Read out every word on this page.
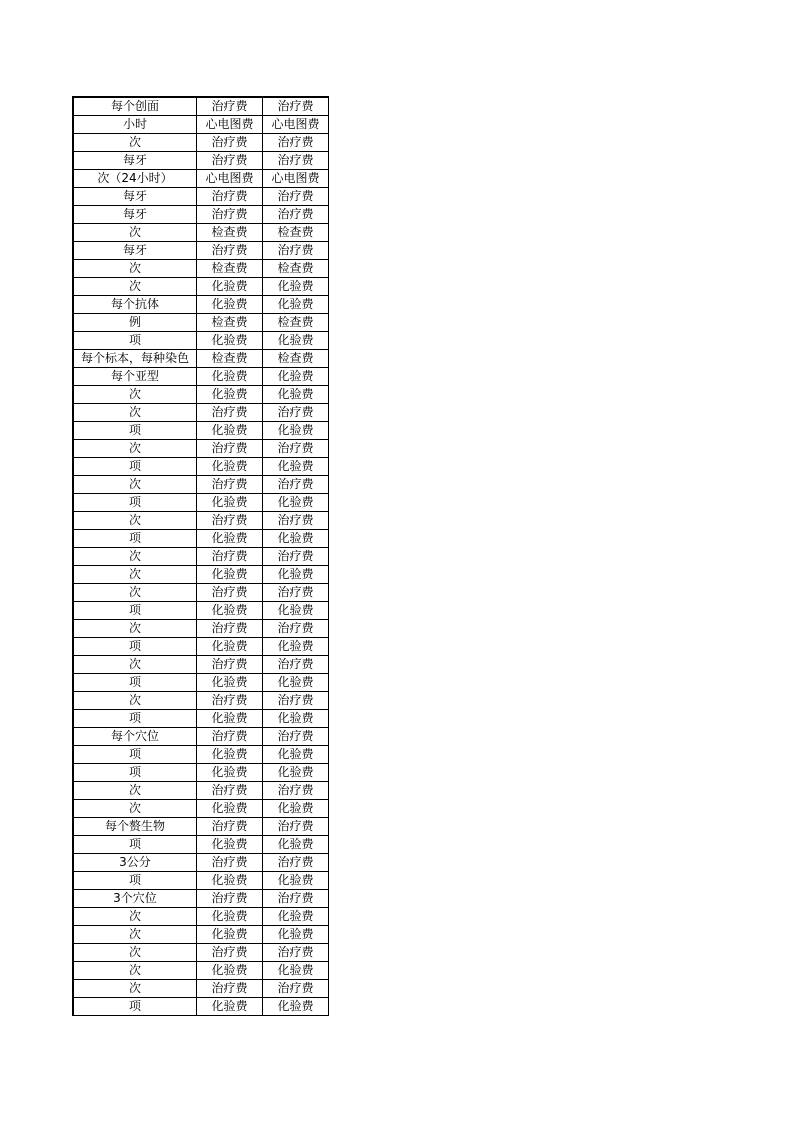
每个创面	治疗费	治疗费
小时	心电图费	心电图费
次	治疗费	治疗费
每牙	治疗费	治疗费
次（24小时）	心电图费	心电图费
每牙	治疗费	治疗费
每牙	治疗费	治疗费
次	检查费	检查费
每牙	治疗费	治疗费
次	检查费	检查费
次	化验费	化验费
每个抗体	化验费	化验费
例	检查费	检查费
项	化验费	化验费
每个标本，每种染色	检查费	检查费
每个亚型	化验费	化验费
次	化验费	化验费
次	治疗费	治疗费
项	化验费	化验费
次	治疗费	治疗费
项	化验费	化验费
次	治疗费	治疗费
项	化验费	化验费
次	治疗费	治疗费
项	化验费	化验费
次	治疗费	治疗费
次	化验费	化验费
次	治疗费	治疗费
项	化验费	化验费
次	治疗费	治疗费
项	化验费	化验费
次	治疗费	治疗费
项	化验费	化验费
次	治疗费	治疗费
项	化验费	化验费
每个穴位	治疗费	治疗费
项	化验费	化验费
项	化验费	化验费
次	治疗费	治疗费
次	化验费	化验费
每个赘生物	治疗费	治疗费
项	化验费	化验费
3公分	治疗费	治疗费
项	化验费	化验费
3个穴位	治疗费	治疗费
次	化验费	化验费
次	化验费	化验费
次	治疗费	治疗费
次	化验费	化验费
次	治疗费	治疗费
项	化验费	化验费
